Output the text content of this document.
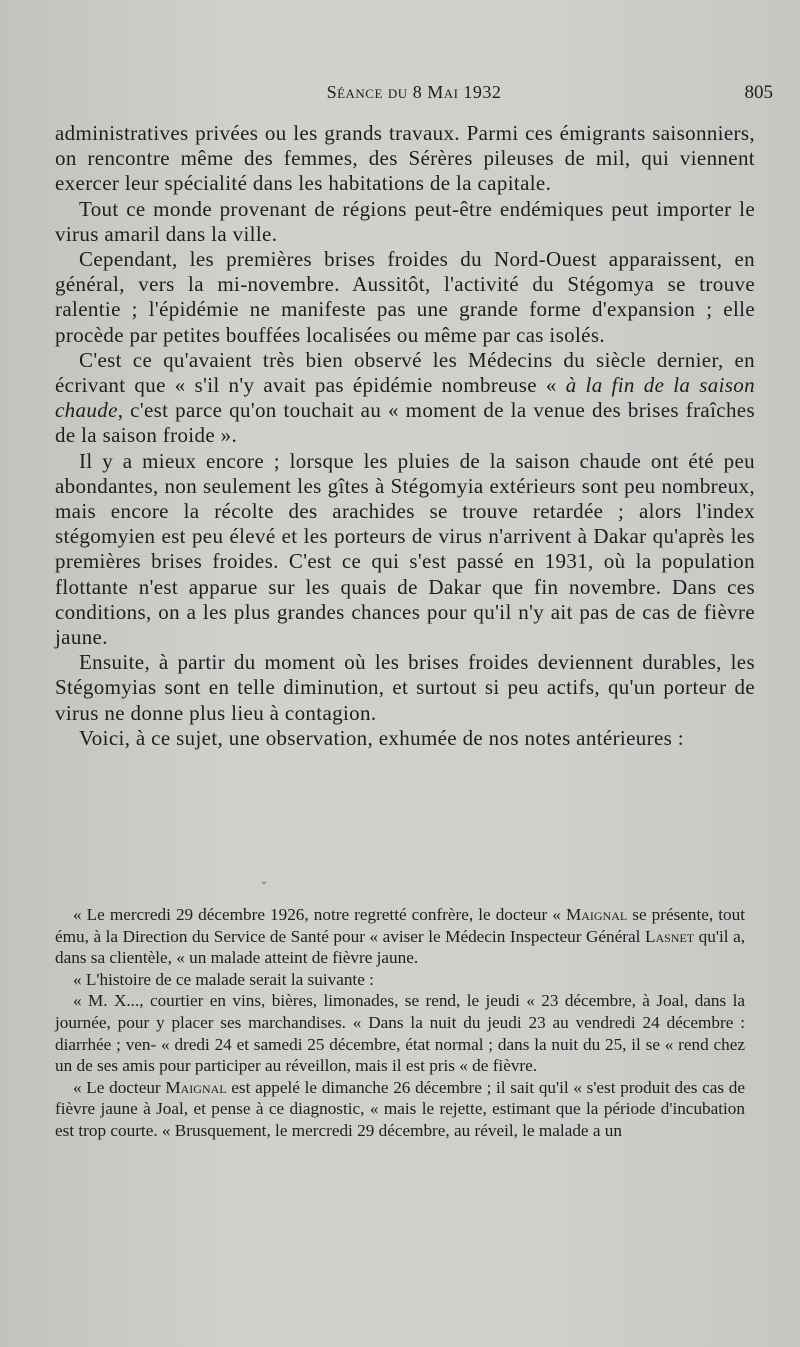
Séance du 8 Mai 1932	805

administratives privées ou les grands travaux. Parmi ces émigrants saisonniers, on rencontre même des femmes, des Sérères pileuses de mil, qui viennent exercer leur spécialité dans les habitations de la capitale.

Tout ce monde provenant de régions peut-être endémiques peut importer le virus amaril dans la ville.

Cependant, les premières brises froides du Nord-Ouest apparaissent, en général, vers la mi-novembre. Aussitôt, l'activité du Stégomya se trouve ralentie ; l'épidémie ne manifeste pas une grande forme d'expansion ; elle procède par petites bouffées localisées ou même par cas isolés.

C'est ce qu'avaient très bien observé les Médecins du siècle dernier, en écrivant que « s'il n'y avait pas épidémie nombreuse « à la fin de la saison chaude, c'est parce qu'on touchait au « moment de la venue des brises fraîches de la saison froide ».

Il y a mieux encore ; lorsque les pluies de la saison chaude ont été peu abondantes, non seulement les gîtes à Stégomyia extérieurs sont peu nombreux, mais encore la récolte des arachides se trouve retardée ; alors l'index stégomyien est peu élevé et les porteurs de virus n'arrivent à Dakar qu'après les premières brises froides. C'est ce qui s'est passé en 1931, où la population flottante n'est apparue sur les quais de Dakar que fin novembre. Dans ces conditions, on a les plus grandes chances pour qu'il n'y ait pas de cas de fièvre jaune.

Ensuite, à partir du moment où les brises froides deviennent durables, les Stégomyias sont en telle diminution, et surtout si peu actifs, qu'un porteur de virus ne donne plus lieu à contagion.

Voici, à ce sujet, une observation, exhumée de nos notes antérieures :

⌄

« Le mercredi 29 décembre 1926, notre regretté confrère, le docteur « Maignal se présente, tout ému, à la Direction du Service de Santé pour « aviser le Médecin Inspecteur Général Lasnet qu'il a, dans sa clientèle, « un malade atteint de fièvre jaune.

« L'histoire de ce malade serait la suivante :

« M. X..., courtier en vins, bières, limonades, se rend, le jeudi « 23 décembre, à Joal, dans la journée, pour y placer ses marchandises. « Dans la nuit du jeudi 23 au vendredi 24 décembre : diarrhée ; ven- « dredi 24 et samedi 25 décembre, état normal ; dans la nuit du 25, il se « rend chez un de ses amis pour participer au réveillon, mais il est pris « de fièvre.

« Le docteur Maignal est appelé le dimanche 26 décembre ; il sait qu'il « s'est produit des cas de fièvre jaune à Joal, et pense à ce diagnostic, « mais le rejette, estimant que la période d'incubation est trop courte. « Brusquement, le mercredi 29 décembre, au réveil, le malade a un
